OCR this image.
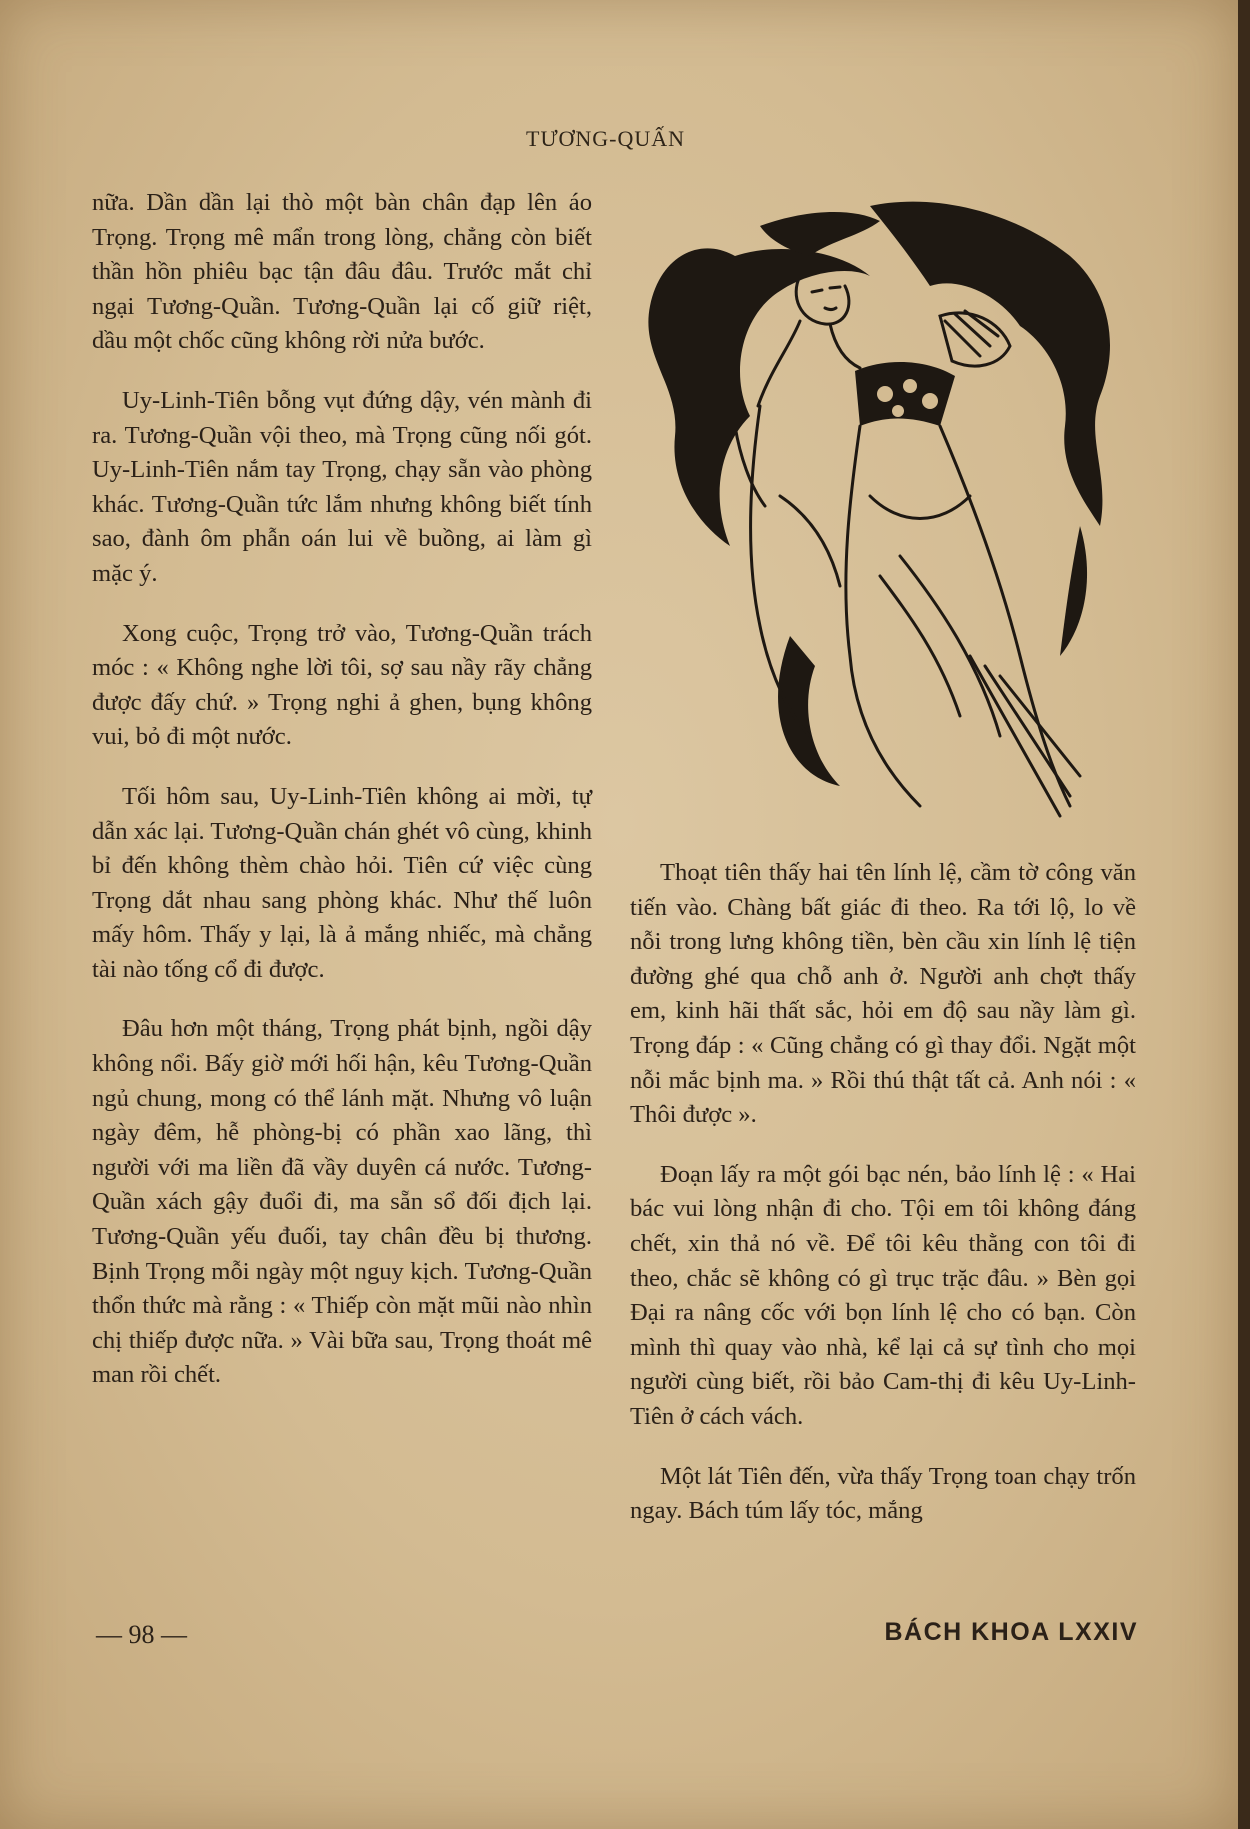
TƯƠNG-QUẤN

nữa. Dần dần lại thò một bàn chân đạp lên áo Trọng. Trọng mê mẩn trong lòng, chẳng còn biết thần hồn phiêu bạc tận đâu đâu. Trước mắt chỉ ngại Tương-Quần. Tương-Quần lại cố giữ riệt, dầu một chốc cũng không rời nửa bước.

Uy-Linh-Tiên bỗng vụt đứng dậy, vén mành đi ra. Tương-Quần vội theo, mà Trọng cũng nối gót. Uy-Linh-Tiên nắm tay Trọng, chạy sẵn vào phòng khác. Tương-Quần tức lắm nhưng không biết tính sao, đành ôm phẫn oán lui về buồng, ai làm gì mặc ý.

Xong cuộc, Trọng trở vào, Tương-Quần trách móc : « Không nghe lời tôi, sợ sau nầy rãy chẳng được đấy chứ. » Trọng nghi ả ghen, bụng không vui, bỏ đi một nước.

Tối hôm sau, Uy-Linh-Tiên không ai mời, tự dẫn xác lại. Tương-Quần chán ghét vô cùng, khinh bỉ đến không thèm chào hỏi. Tiên cứ việc cùng Trọng dắt nhau sang phòng khác. Như thế luôn mấy hôm. Thấy y lại, là ả mắng nhiếc, mà chẳng tài nào tống cổ đi được.

Đâu hơn một tháng, Trọng phát bịnh, ngồi dậy không nổi. Bấy giờ mới hối hận, kêu Tương-Quần ngủ chung, mong có thể lánh mặt. Nhưng vô luận ngày đêm, hễ phòng-bị có phần xao lãng, thì người với ma liền đã vầy duyên cá nước. Tương-Quần xách gậy đuổi đi, ma sẵn sổ đối địch lại. Tương-Quần yếu đuối, tay chân đều bị thương. Bịnh Trọng mỗi ngày một nguy kịch. Tương-Quần thổn thức mà rằng : « Thiếp còn mặt mũi nào nhìn chị thiếp được nữa. » Vài bữa sau, Trọng thoát mê man rồi chết.

Thoạt tiên thấy hai tên lính lệ, cầm tờ công văn tiến vào. Chàng bất giác đi theo. Ra tới lộ, lo về nỗi trong lưng không tiền, bèn cầu xin lính lệ tiện đường ghé qua chỗ anh ở. Người anh chợt thấy em, kinh hãi thất sắc, hỏi em độ sau nầy làm gì. Trọng đáp : « Cũng chẳng có gì thay đổi. Ngặt một nỗi mắc bịnh ma. » Rồi thú thật tất cả. Anh nói : « Thôi được ».

Đoạn lấy ra một gói bạc nén, bảo lính lệ : « Hai bác vui lòng nhận đi cho. Tội em tôi không đáng chết, xin thả nó về. Để tôi kêu thằng con tôi đi theo, chắc sẽ không có gì trục trặc đâu. » Bèn gọi Đại ra nâng cốc với bọn lính lệ cho có bạn. Còn mình thì quay vào nhà, kể lại cả sự tình cho mọi người cùng biết, rồi bảo Cam-thị đi kêu Uy-Linh-Tiên ở cách vách.

Một lát Tiên đến, vừa thấy Trọng toan chạy trốn ngay. Bách túm lấy tóc, mắng

— 98 —	BÁCH KHOA LXXIV
